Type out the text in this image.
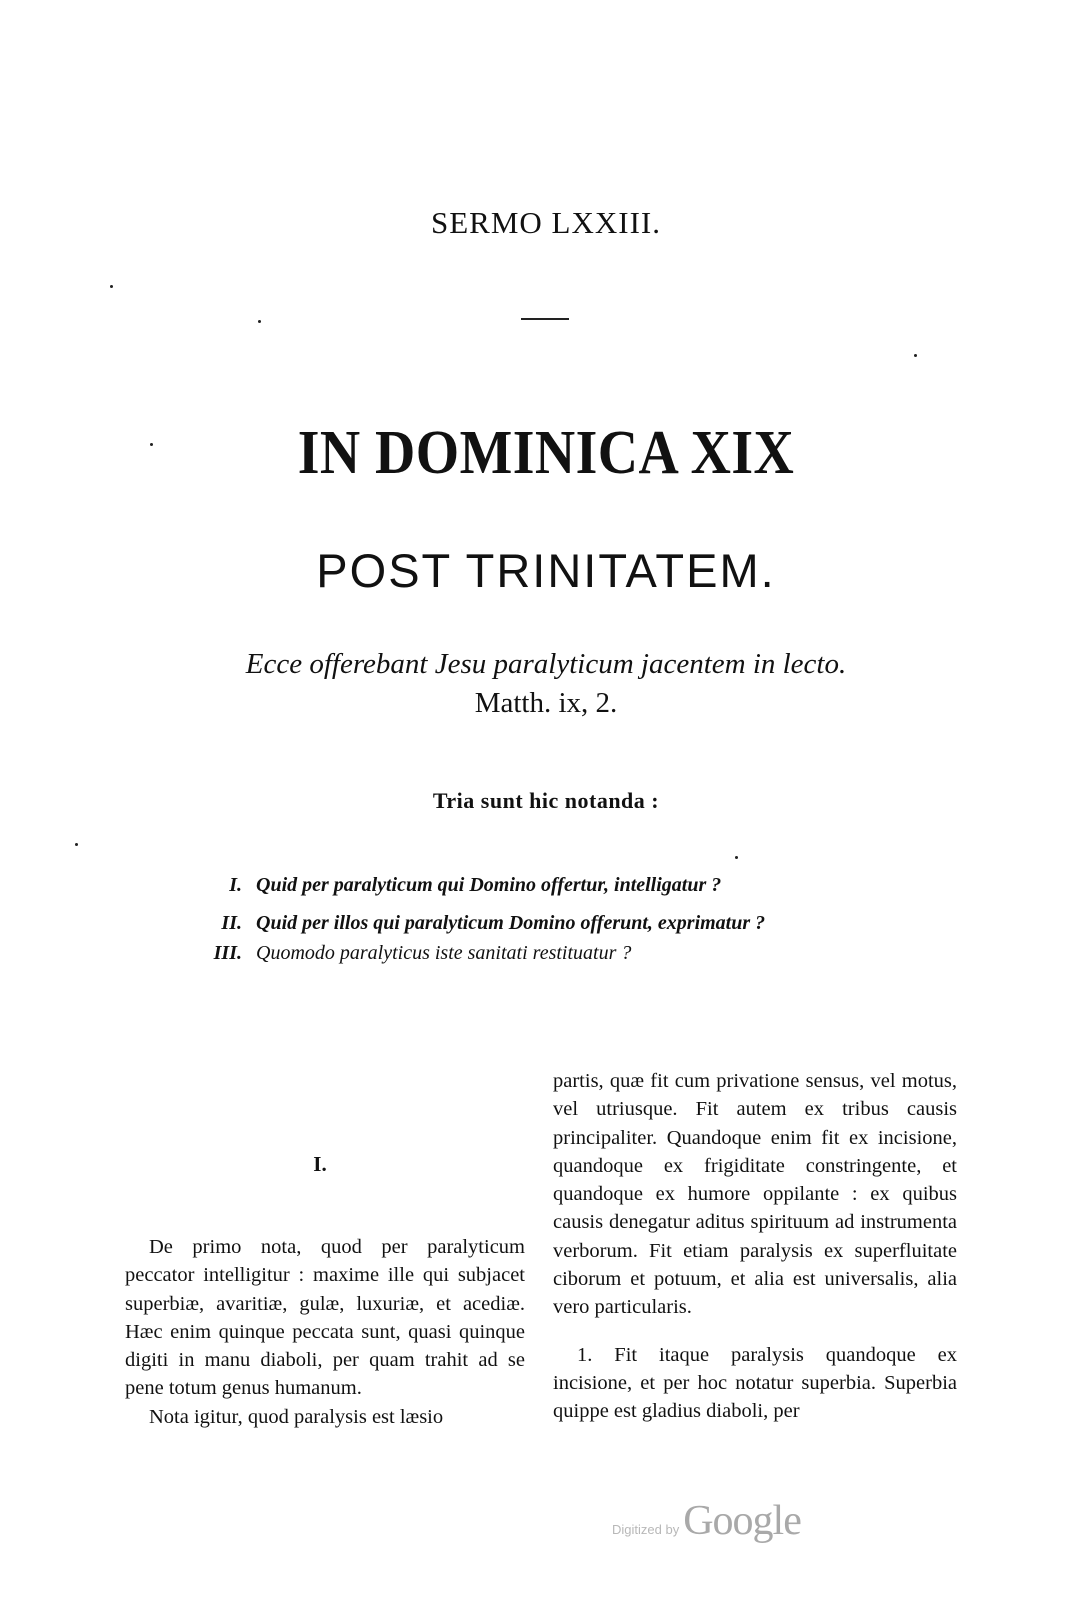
SERMO LXXIII.
IN DOMINICA XIX
POST TRINITATEM.
Ecce offerebant Jesu paralyticum jacentem in lecto.
Matth. ix, 2.
Tria sunt hic notanda :
I. Quid per paralyticum qui Domino offertur, intelligatur ?
II. Quid per illos qui paralyticum Domino offerunt, exprimatur ?
III. Quomodo paralyticus iste sanitati restituatur ?
I.

De primo nota, quod per paralyticum peccator intelligitur : maxime ille qui subjacet superbiæ, avaritiæ, gulæ, luxuriæ, et acediæ. Hæc enim quinque peccata sunt, quasi quinque digiti in manu diaboli, per quam trahit ad se pene totum genus humanum.

Nota igitur, quod paralysis est læsio

partis, quæ fit cum privatione sensus, vel motus, vel utriusque. Fit autem ex tribus causis principaliter. Quandoque enim fit ex incisione, quandoque ex frigiditate constringente, et quandoque ex humore oppilante : ex quibus causis denegatur aditus spirituum ad instrumenta verborum. Fit etiam paralysis ex superfluitate ciborum et potuum, et alia est universalis, alia vero particularis.

1. Fit itaque paralysis quandoque ex incisione, et per hoc notatur superbia. Superbia quippe est gladius diaboli, per

Digitized by Google
